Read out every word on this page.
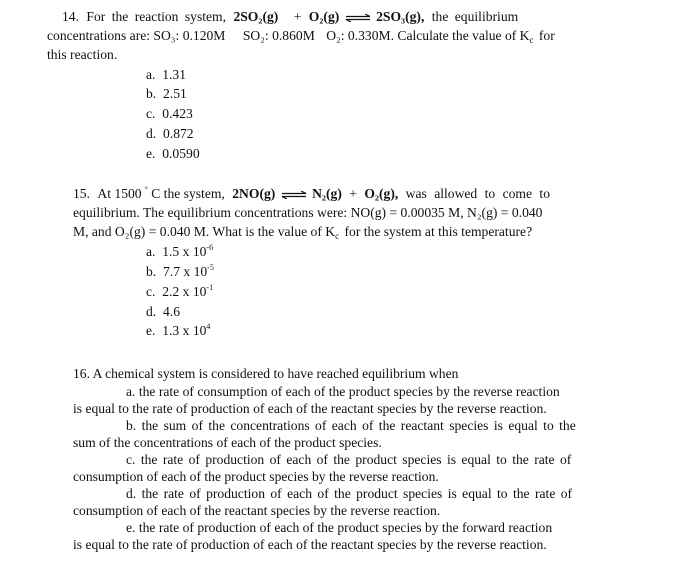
14. For the reaction system, 2SO₂(g) + O₂(g) ⇌ 2SO₃(g), the equilibrium
concentrations are: SO₃: 0.120M SO₂: 0.860M O₂: 0.330M. Calculate the value of $K_c$ for
this reaction.
a.  1.31
b.  2.51
c.  0.423
d.  0.872
e.  0.0590
15. At 1500 ° C the system, 2NO(g) ⇌ N₂(g) + O₂(g), was allowed to come to
equilibrium. The equilibrium concentrations were: NO(g) = 0.00035 M, N₂(g) = 0.040
M, and O₂(g) = 0.040 M. What is the value of $K_c$ for the system at this temperature?
a.  1.5 x $10^{-6}$
b.  7.7 x $10^{-5}$
c.  2.2 x $10^{-1}$
d.  4.6
e.  1.3 x $10^4$
16. A chemical system is considered to have reached equilibrium when
a. the rate of consumption of each of the product species by the reverse reaction
is equal to the rate of production of each of the reactant species by the reverse reaction.
b. the sum of the concentrations of each of the reactant species is equal to the
sum of the concentrations of each of the product species.
c. the rate of production of each of the product species is equal to the rate of
consumption of each of the product species by the reverse reaction.
d. the rate of production of each of the product species is equal to the rate of
consumption of each of the reactant species by the reverse reaction.
e. the rate of production of each of the product species by the forward reaction
is equal to the rate of production of each of the reactant species by the reverse reaction.
